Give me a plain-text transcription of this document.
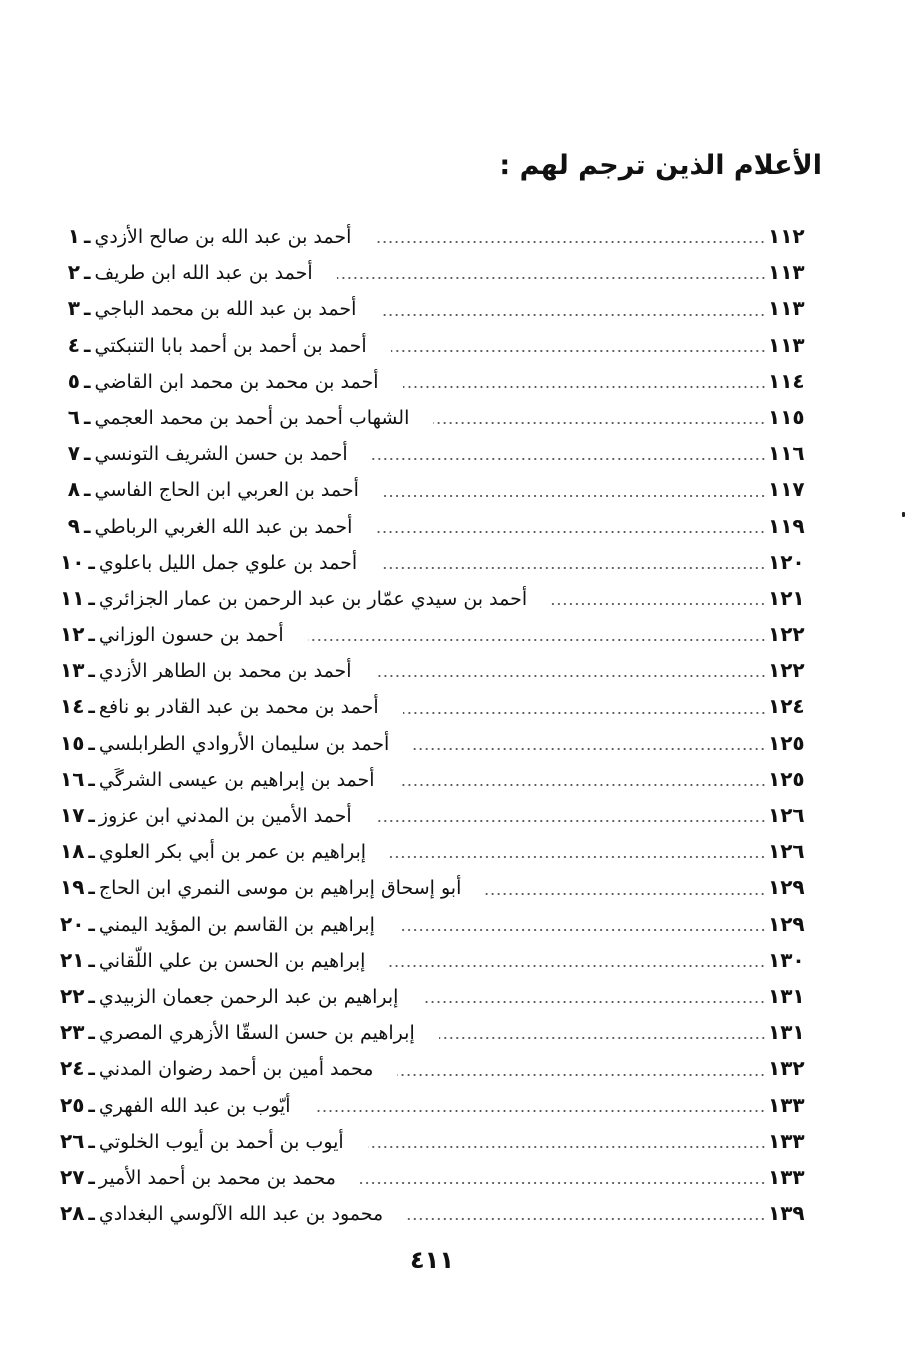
الأعلام الذين ترجم لهم :
١ ـ أحمد بن عبد الله بن صالح الأزدي	١١٢
٢ ـ أحمد بن عبد الله ابن طريف	١١٣
٣ ـ أحمد بن عبد الله بن محمد الباجي	١١٣
٤ ـ أحمد بن أحمد بن أحمد بابا التنبكتي	١١٣
٥ ـ أحمد بن محمد بن محمد ابن القاضي	١١٤
٦ ـ الشهاب أحمد بن أحمد بن محمد العجمي	١١٥
٧ ـ أحمد بن حسن الشريف التونسي	١١٦
٨ ـ أحمد بن العربي ابن الحاج الفاسي	١١٧
٩ ـ أحمد بن عبد الله الغربي الرباطي	١١٩
١٠ ـ أحمد بن علوي جمل الليل باعلوي	١٢٠
١١ ـ أحمد بن سيدي عمّار بن عبد الرحمن بن عمار الجزائري	١٢١
١٢ ـ أحمد بن حسون الوزاني	١٢٢
١٣ ـ أحمد بن محمد بن الطاهر الأزدي	١٢٢
١٤ ـ أحمد بن محمد بن عبد القادر بو نافع	١٢٤
١٥ ـ أحمد بن سليمان الأروادي الطرابلسي	١٢٥
١٦ ـ أحمد بن إبراهيم بن عيسى الشرگَي	١٢٥
١٧ ـ أحمد الأمين بن المدني ابن عزوز	١٢٦
١٨ ـ إبراهيم بن عمر بن أبي بكر العلوي	١٢٦
١٩ ـ أبو إسحاق إبراهيم بن موسى النمري ابن الحاج	١٢٩
٢٠ ـ إبراهيم بن القاسم بن المؤيد اليمني	١٢٩
٢١ ـ إبراهيم بن الحسن بن علي اللّقاني	١٣٠
٢٢ ـ إبراهيم بن عبد الرحمن جعمان الزبيدي	١٣١
٢٣ ـ إبراهيم بن حسن السقّا الأزهري المصري	١٣١
٢٤ ـ محمد أمين بن أحمد رضوان المدني	١٣٢
٢٥ ـ أيّوب بن عبد الله الفهري	١٣٣
٢٦ ـ أيوب بن أحمد بن أيوب الخلوتي	١٣٣
٢٧ ـ محمد بن محمد بن أحمد الأمير	١٣٣
٢٨ ـ محمود بن عبد الله الآلوسي البغدادي	١٣٩
٤١١
